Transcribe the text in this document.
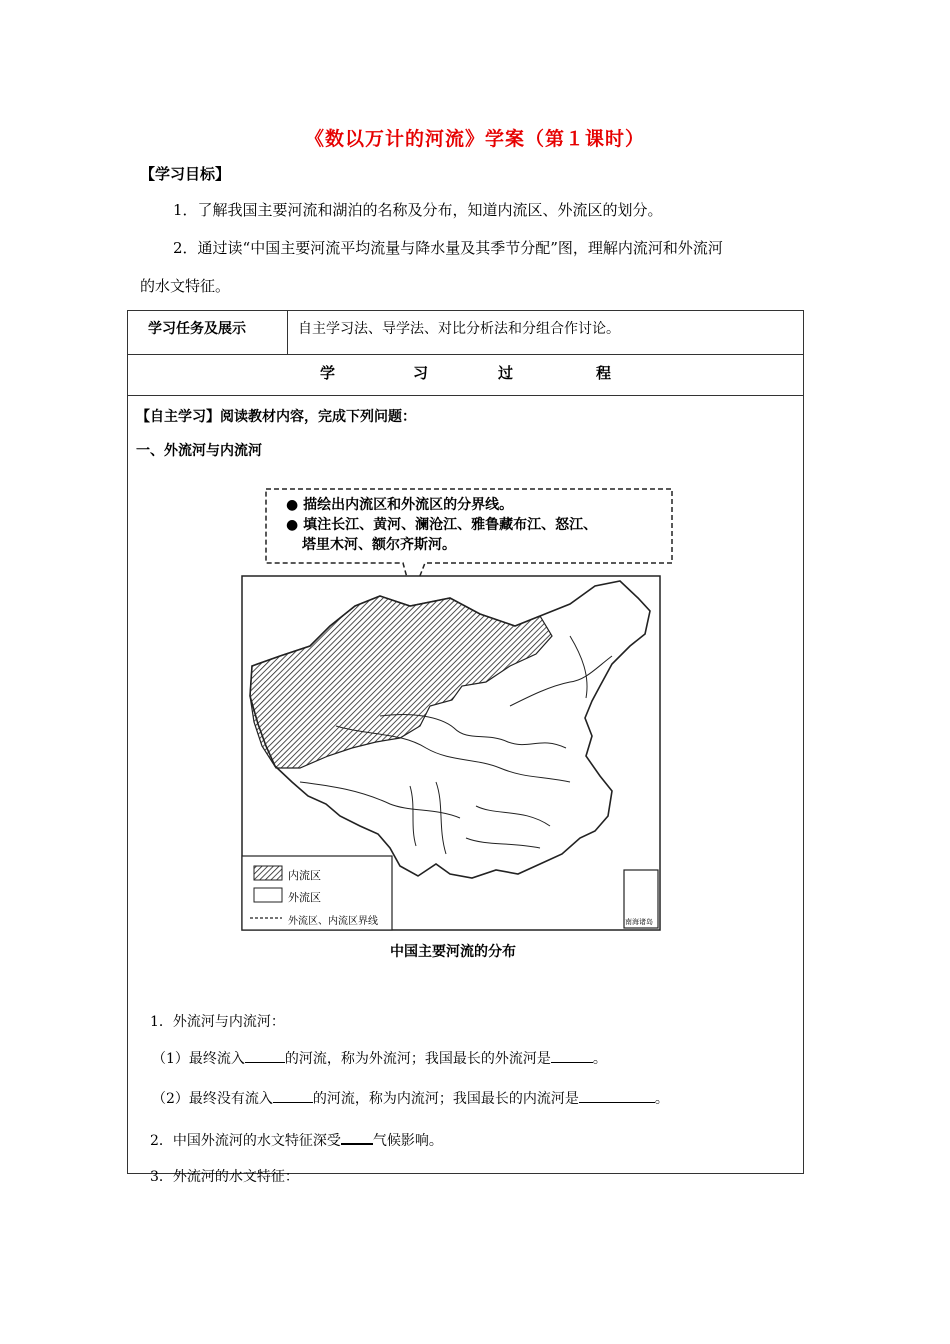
《数以万计的河流》学案（第１课时）
【学习目标】
1．了解我国主要河流和湖泊的名称及分布，知道内流区、外流区的划分。
2．通过读“中国主要河流平均流量与降水量及其季节分配”图，理解内流河和外流河
的水文特征。
学习任务及展示	自主学习法、导学法、对比分析法和分组合作讨论。

学	习	过	程

【自主学习】阅读教材内容，完成下列问题：
一、外流河与内流河
● 描绘出内流区和外流区的分界线。
● 填注长江、黄河、澜沧江、雅鲁藏布江、怒江、
塔里木河、额尔齐斯河。
内流区
外流区
外流区、内流区界线	南海诸岛
中国主要河流的分布
1．外流河与内流河：
（1）最终流入	的河流，称为外流河；我国最长的外流河是	。
（2）最终没有流入	的河流，称为内流河；我国最长的内流河是	。
2．中国外流河的水文特征深受 气候影响。
3．外流河的水文特征：
